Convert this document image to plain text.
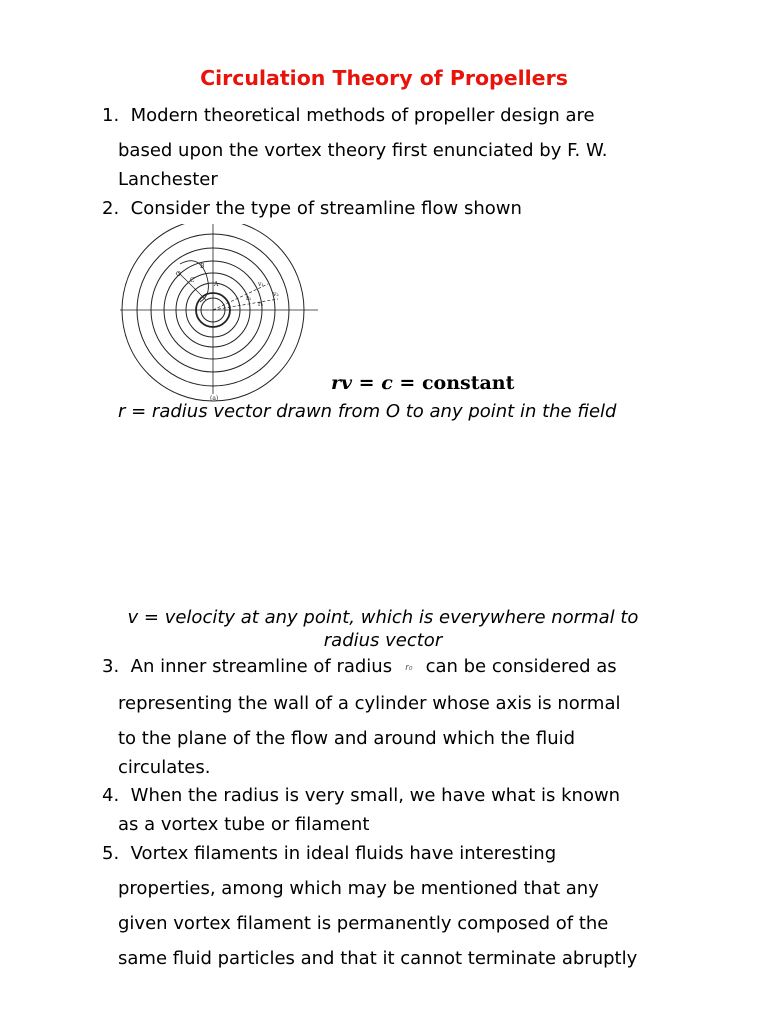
Circulation Theory of Propellers
1. Modern theoretical methods of propeller design are
based upon the vortex theory first enunciated by F. W.
Lanchester
2. Consider the type of streamline flow shown
O
C
B
A	v₁
v₂
r₁
r₂
(a)
rv = c = constant
r = radius vector drawn from O to any point in the field
v = velocity at any point, which is everywhere normal to
radius vector
3. An inner streamline of radius r₀ can be considered as
representing the wall of a cylinder whose axis is normal
to the plane of the flow and around which the fluid
circulates.
4. When the radius is very small, we have what is known
as a vortex tube or filament
5. Vortex filaments in ideal fluids have interesting
properties, among which may be mentioned that any
given vortex filament is permanently composed of the
same fluid particles and that it cannot terminate abruptly
